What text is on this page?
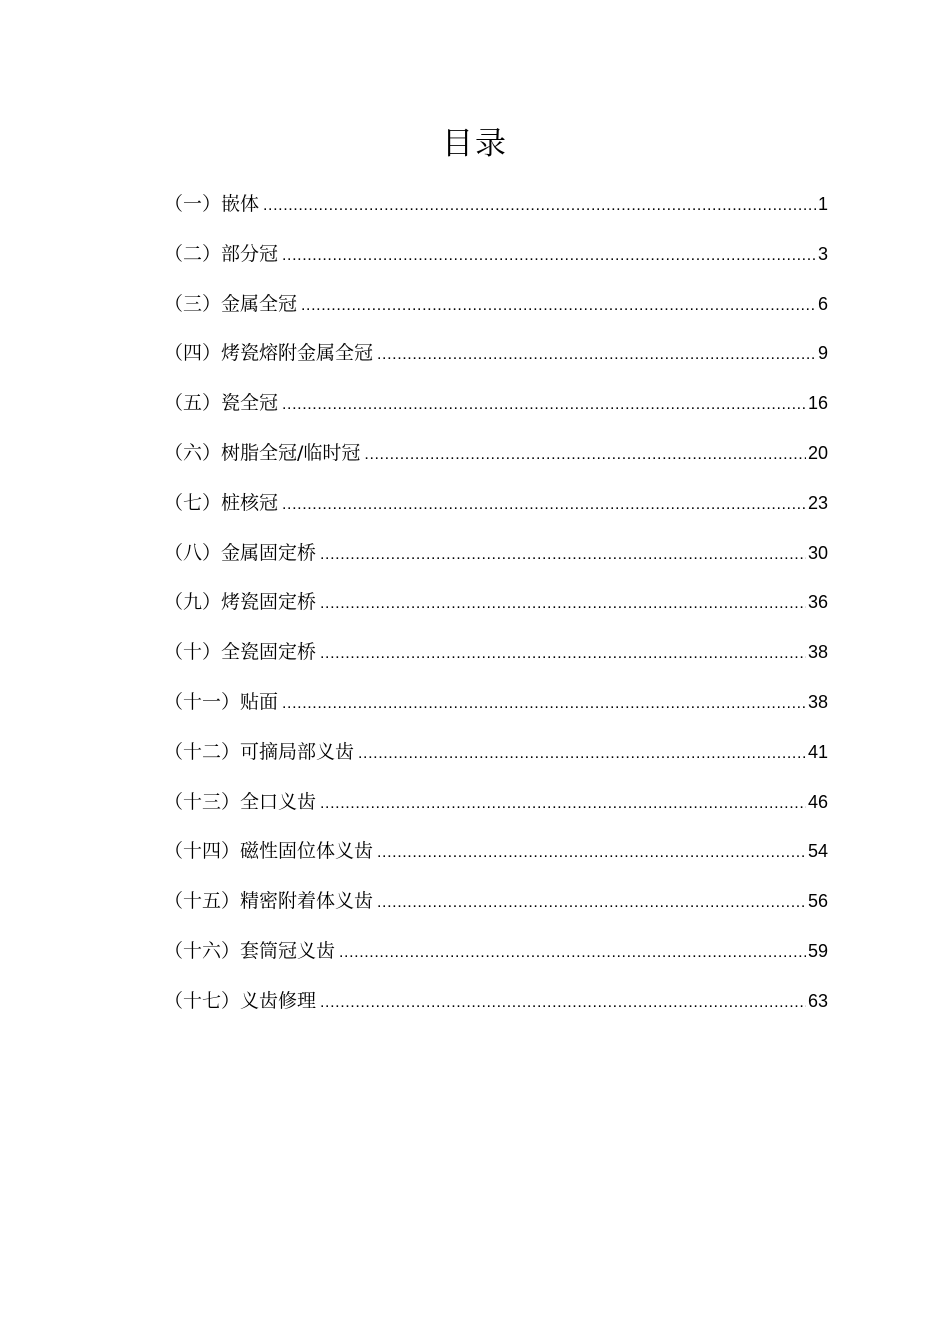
目录
（一）嵌体 .....	1
（二）部分冠 .....	3
（三）金属全冠 .....	6
（四）烤瓷熔附金属全冠 .....	9
（五）瓷全冠 .....	16
（六）树脂全冠/临时冠 .....	20
（七）桩核冠 .....	23
（八）金属固定桥 .....	30
（九）烤瓷固定桥 .....	36
（十）全瓷固定桥 .....	38
（十一）贴面 .....	38
（十二）可摘局部义齿 .....	41
（十三）全口义齿 .....	46
（十四）磁性固位体义齿 .....	54
（十五）精密附着体义齿 .....	56
（十六）套筒冠义齿 .....	59
（十七）义齿修理 .....	63
